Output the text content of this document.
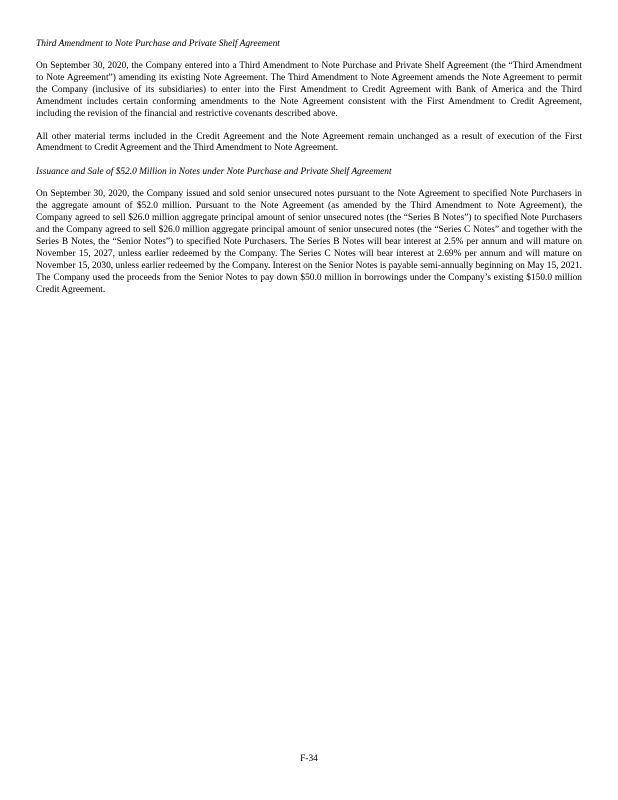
Third Amendment to Note Purchase and Private Shelf Agreement

On September 30, 2020, the Company entered into a Third Amendment to Note Purchase and Private Shelf Agreement (the “Third Amendment to Note Agreement”) amending its existing Note Agreement. The Third Amendment to Note Agreement amends the Note Agreement to permit the Company (inclusive of its subsidiaries) to enter into the First Amendment to Credit Agreement with Bank of America and the Third Amendment includes certain conforming amendments to the Note Agreement consistent with the First Amendment to Credit Agreement, including the revision of the financial and restrictive covenants described above.

All other material terms included in the Credit Agreement and the Note Agreement remain unchanged as a result of execution of the First Amendment to Credit Agreement and the Third Amendment to Note Agreement.

Issuance and Sale of $52.0 Million in Notes under Note Purchase and Private Shelf Agreement

On September 30, 2020, the Company issued and sold senior unsecured notes pursuant to the Note Agreement to specified Note Purchasers in the aggregate amount of $52.0 million. Pursuant to the Note Agreement (as amended by the Third Amendment to Note Agreement), the Company agreed to sell $26.0 million aggregate principal amount of senior unsecured notes (the “Series B Notes”) to specified Note Purchasers and the Company agreed to sell $26.0 million aggregate principal amount of senior unsecured notes (the “Series C Notes” and together with the Series B Notes, the “Senior Notes”) to specified Note Purchasers. The Series B Notes will bear interest at 2.5% per annum and will mature on November 15, 2027, unless earlier redeemed by the Company. The Series C Notes will bear interest at 2.69% per annum and will mature on November 15, 2030, unless earlier redeemed by the Company. Interest on the Senior Notes is payable semi-annually beginning on May 15, 2021. The Company used the proceeds from the Senior Notes to pay down $50.0 million in borrowings under the Company’s existing $150.0 million Credit Agreement.

F-34
